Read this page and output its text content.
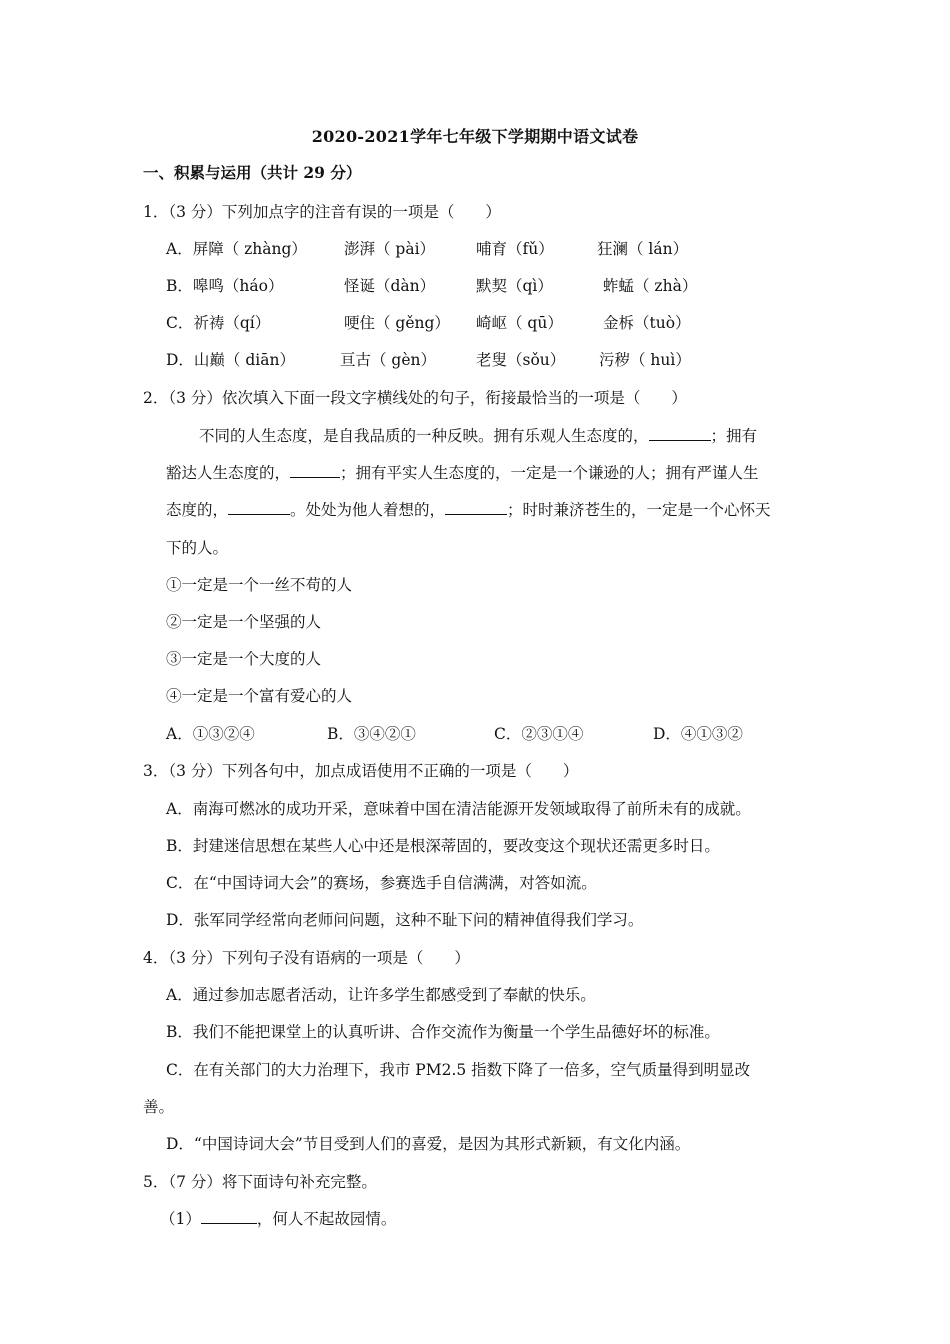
2020-2021学年七年级下学期期中语文试卷
一、积累与运用（共计 29 分）
1．（3 分）下列加点字的注音有误的一项是（　　）
A．屏障（ zhàng） 澎湃（ pài）	哺育（fǔ）	狂澜（ lán）
B．嗥鸣（háo）	怪诞（dàn）	默契（qì）	蚱蜢（ zhà）
C．祈祷（qí）	哽住（ gěng） 崎岖（ qū）	金柝（tuò）
D．山巅（ diān）	亘古（ gèn）	老叟（sǒu） 污秽（ huì）
2．（3 分）依次填入下面一段文字横线处的句子，衔接最恰当的一项是（　　）
不同的人生态度，是自我品质的一种反映。拥有乐观人生态度的，	；拥有
豁达人生态度的，	；拥有平实人生态度的，一定是一个谦逊的人；拥有严谨人生
态度的，	。处处为他人着想的，	；时时兼济苍生的，一定是一个心怀天
下的人。
①一定是一个一丝不苟的人
②一定是一个坚强的人
③一定是一个大度的人
④一定是一个富有爱心的人
A．①③②④	B．③④②①	C．②③①④	D．④①③②
3．（3 分）下列各句中，加点成语使用不正确的一项是（　　）
A．南海可燃冰的成功开采，意味着中国在清洁能源开发领域取得了前所未有的成就。
B．封建迷信思想在某些人心中还是根深蒂固的，要改变这个现状还需更多时日。
C．在“中国诗词大会”的赛场，参赛选手自信满满，对答如流。
D．张军同学经常向老师问问题，这种不耻下问的精神值得我们学习。
4．（3 分）下列句子没有语病的一项是（　　）
A．通过参加志愿者活动，让许多学生都感受到了奉献的快乐。
B．我们不能把课堂上的认真听讲、合作交流作为衡量一个学生品德好坏的标准。
C．在有关部门的大力治理下，我市 PM2.5 指数下降了一倍多，空气质量得到明显改
善。
D．“中国诗词大会”节目受到人们的喜爱，是因为其形式新颖，有文化内涵。
5．（7 分）将下面诗句补充完整。
（1）	，何人不起故园情。
